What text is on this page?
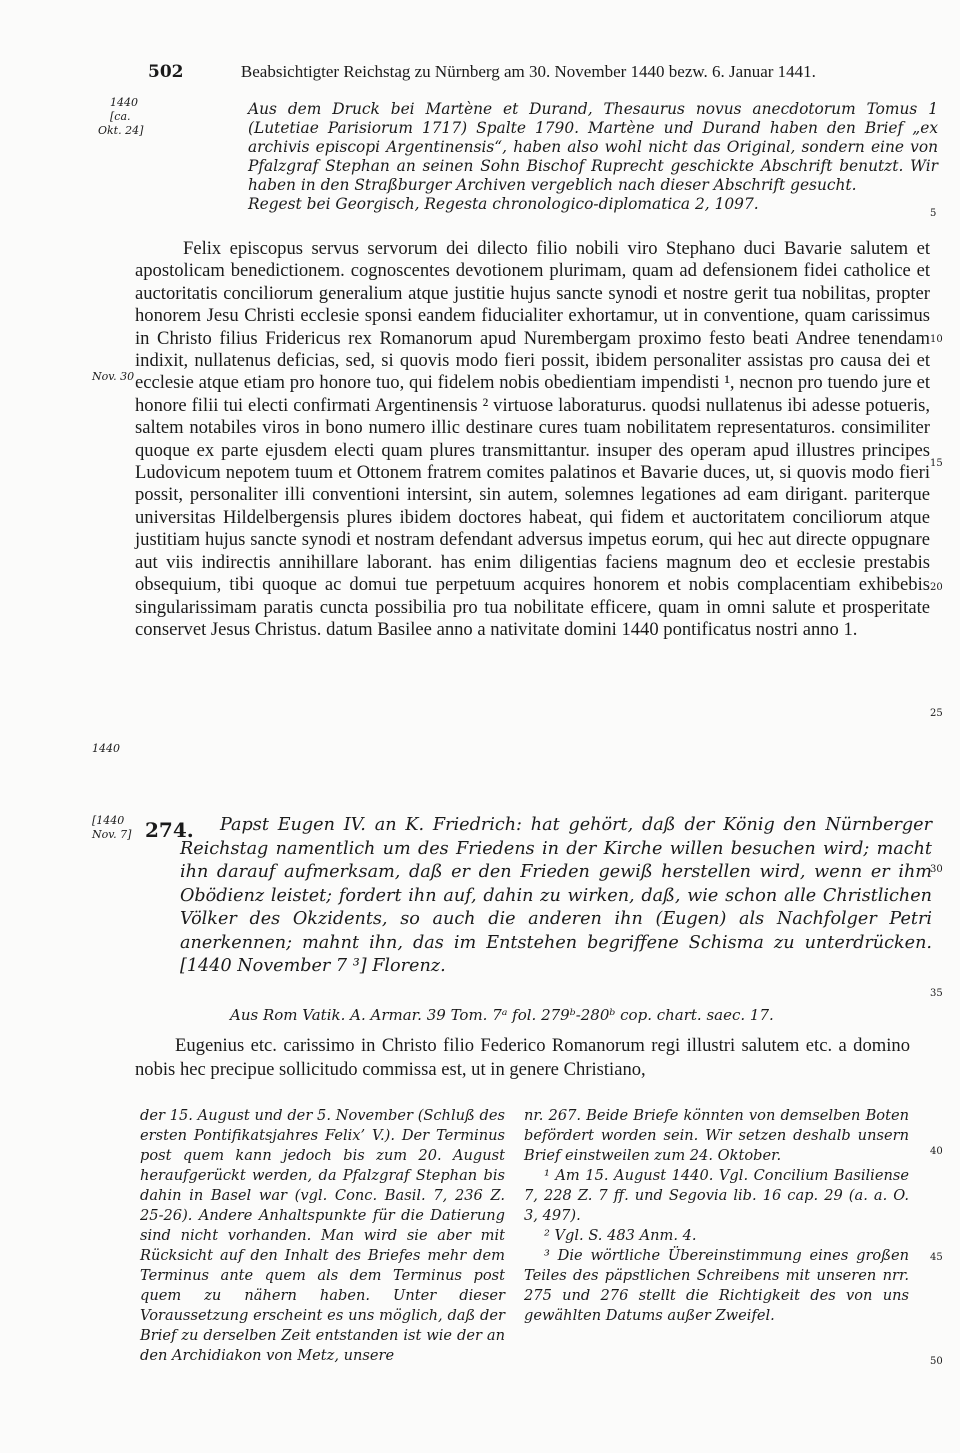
502	Beabsichtigter Reichstag zu Nürnberg am 30. November 1440 bezw. 6. Januar 1441.
1440
[ca.
Okt. 24]

Aus dem Druck bei Martène et Durand, Thesaurus novus anecdotorum Tomus 1 (Lutetiae Parisiorum 1717) Spalte 1790. Martène und Durand haben den Brief „ex archivis episcopi Argentinensis“, haben also wohl nicht das Original, sondern eine von Pfalzgraf Stephan an seinen Sohn Bischof Ruprecht geschickte Abschrift benutzt. Wir haben in den Straßburger Archiven vergeblich nach dieser Abschrift gesucht.

Regest bei Georgisch, Regesta chronologico-diplomatica 2, 1097.

5

Felix episcopus servus servorum dei dilecto filio nobili viro Stephano duci Bavarie salutem et apostolicam benedictionem. cognoscentes devotionem plurimam, quam ad defensionem fidei catholice et auctoritatis conciliorum generalium atque justitie hujus sancte synodi et nostre gerit tua nobilitas, propter honorem Jesu Christi ecclesie sponsi eandem fiducialiter exhortamur, ut in conventione, quam carissimus in Christo filius Fridericus rex Romanorum apud Nurembergam proximo festo beati Andree tenendam indixit, nullatenus deficias, sed, si quovis modo fieri possit, ibidem personaliter assistas pro causa dei et ecclesie atque etiam pro honore tuo, qui fidelem nobis obedientiam impendisti ¹, necnon pro tuendo jure et honore filii tui electi confirmati Argentinensis ² virtuose laboraturus. quodsi nullatenus ibi adesse potueris, saltem notabiles viros in bono numero illic destinare cures tuam nobilitatem representaturos. consimiliter quoque ex parte ejusdem electi quam plures transmittantur. insuper des operam apud illustres principes Ludovicum nepotem tuum et Ottonem fratrem comites palatinos et Bavarie duces, ut, si quovis modo fieri possit, personaliter illi conventioni intersint, sin autem, solemnes legationes ad eam dirigant. pariterque universitas Hildelbergensis plures ibidem doctores habeat, qui fidem et auctoritatem conciliorum atque justitiam hujus sancte synodi et nostram defendant adversus impetus eorum, qui hec aut directe oppugnare aut viis indirectis annihillare laborant. has enim diligentias faciens magnum deo et ecclesie prestabis obsequium, tibi quoque ac domui tue perpetuum acquires honorem et nobis complacentiam exhibebis singularissimam paratis cuncta possibilia pro tua nobilitate efficere, quam in omni salute et prosperitate conservet Jesus Christus. datum Basilee anno a nativitate domini 1440 pontificatus nostri anno 1.

Nov. 30
10
15
20
25
1440
[1440
Nov. 7] 274.	Papst Eugen IV. an K. Friedrich: hat gehört, daß der König den Nürnberger Reichstag namentlich um des Friedens in der Kirche willen besuchen wird; macht ihn darauf aufmerksam, daß er den Frieden gewiß herstellen wird, wenn er ihm Obödienz leistet; fordert ihn auf, dahin zu wirken, daß, wie schon alle Christlichen Völker des Okzidents, so auch die anderen ihn (Eugen) als Nachfolger Petri anerkennen; mahnt ihn, das im Entstehen begriffene Schisma zu unterdrücken. [1440 November 7 ³] Florenz.

30
35
Aus Rom Vatik. A. Armar. 39 Tom. 7ᵃ fol. 279ᵇ-280ᵇ cop. chart. saec. 17.

Eugenius etc. carissimo in Christo filio Federico Romanorum regi illustri salutem etc. a domino nobis hec precipue sollicitudo commissa est, ut in genere Christiano,

der 15. August und der 5. November (Schluß des ersten Pontifikatsjahres Felix’ V.). Der Terminus post quem kann jedoch bis zum 20. August heraufgerückt werden, da Pfalzgraf Stephan bis dahin in Basel war (vgl. Conc. Basil. 7, 236 Z. 25-26). Andere Anhaltspunkte für die Datierung sind nicht vorhanden. Man wird sie aber mit Rücksicht auf den Inhalt des Briefes mehr dem Terminus ante quem als dem Terminus post quem zu nähern haben. Unter dieser Voraussetzung erscheint es uns möglich, daß der Brief zu derselben Zeit entstanden ist wie der an den Archidiakon von Metz, unsere

nr. 267. Beide Briefe könnten von demselben Boten befördert worden sein. Wir setzen deshalb unsern Brief einstweilen zum 24. Oktober.

¹ Am 15. August 1440. Vgl. Concilium Basiliense 7, 228 Z. 7 ff. und Segovia lib. 16 cap. 29 (a. a. O. 3, 497).

² Vgl. S. 483 Anm. 4.

³ Die wörtliche Übereinstimmung eines großen Teiles des päpstlichen Schreibens mit unseren nrr. 275 und 276 stellt die Richtigkeit des von uns gewählten Datums außer Zweifel.

40
45
50
